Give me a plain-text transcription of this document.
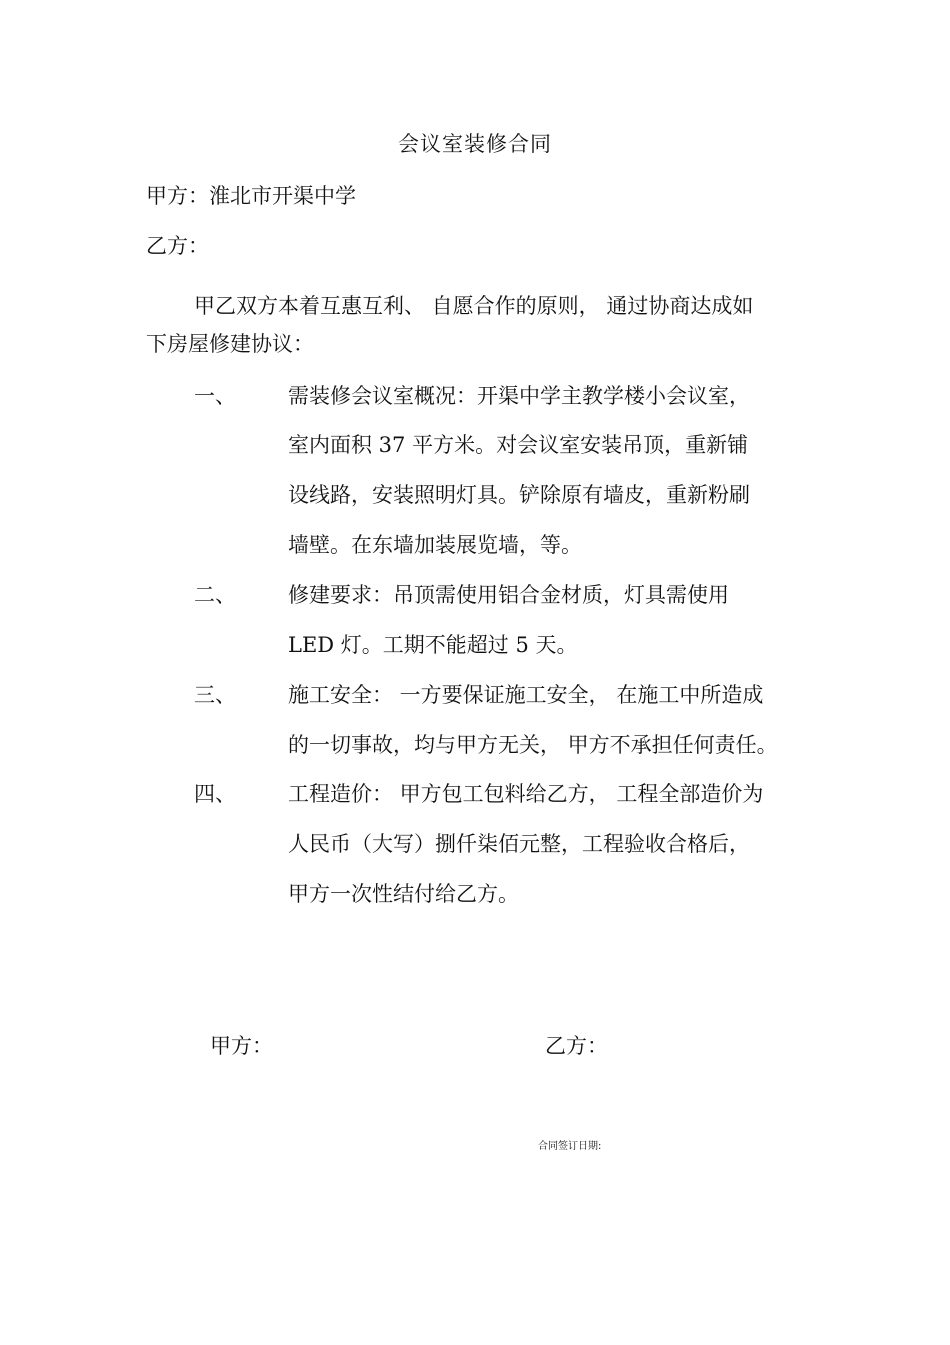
会议室装修合同
甲方：淮北市开渠中学
乙方：
甲乙双方本着互惠互利、 自愿合作的原则， 通过协商达成如
下房屋修建协议：
一、 需装修会议室概况：开渠中学主教学楼小会议室，
室内面积 37 平方米。对会议室安装吊顶，重新铺
设线路，安装照明灯具。铲除原有墙皮，重新粉刷
墙壁。在东墙加装展览墙，等。
二、 修建要求：吊顶需使用铝合金材质，灯具需使用
LED 灯。工期不能超过 5 天。
三、 施工安全： 一方要保证施工安全， 在施工中所造成
的一切事故，均与甲方无关， 甲方不承担任何责任。
四、 工程造价： 甲方包工包料给乙方， 工程全部造价为
人民币（大写）捌仟柒佰元整，工程验收合格后，
甲方一次性结付给乙方。
甲方：	乙方：
合同签订日期:
